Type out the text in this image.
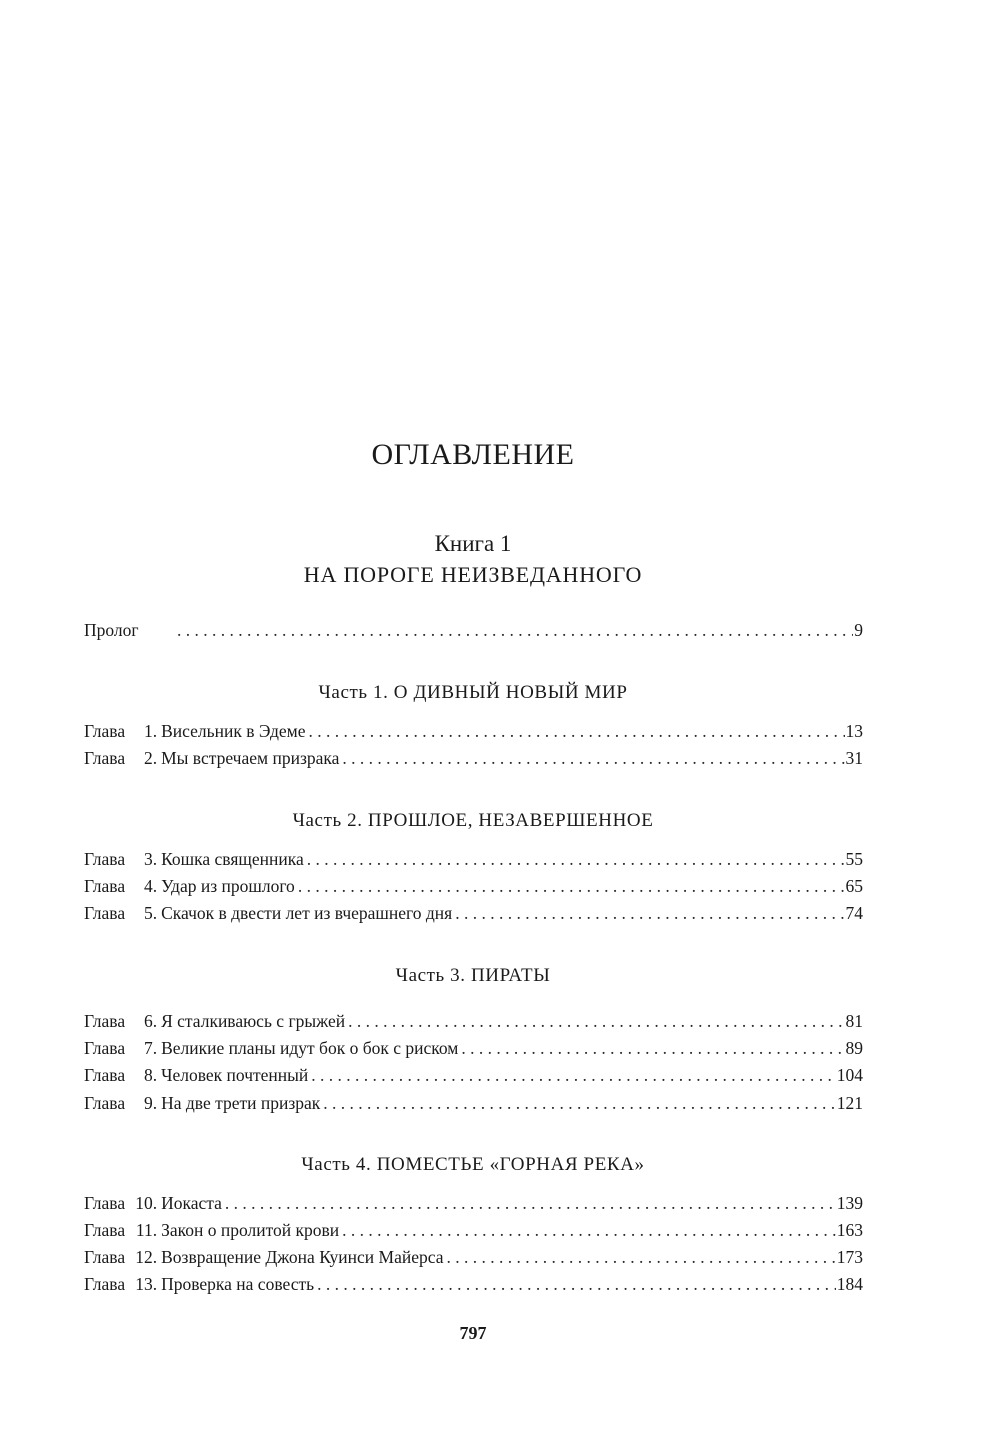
ОГЛАВЛЕНИЕ
Книга 1
НА ПОРОГЕ НЕИЗВЕДАННОГО
Пролог . . .	9
Часть 1. О ДИВНЫЙ НОВЫЙ МИР
Глава	1. Висельник в Эдеме . . .	13
Глава	2. Мы встречаем призрака . . .	31
Часть 2. ПРОШЛОЕ, НЕЗАВЕРШЕННОЕ
Глава	3. Кошка священника . . .	55
Глава	4. Удар из прошлого . . .	65
Глава	5. Скачок в двести лет из вчерашнего дня . . .	74
Часть 3. ПИРАТЫ
Глава	6. Я сталкиваюсь с грыжей . . .	81
Глава	7. Великие планы идут бок о бок с риском . . .	89
Глава	8. Человек почтенный . . .	104
Глава	9. На две трети призрак . . .	121
Часть 4. ПОМЕСТЬЕ «ГОРНАЯ РЕКА»
Глава 10. Иокаста . . .	139
Глава 11. Закон о пролитой крови . . .	163
Глава 12. Возвращение Джона Куинси Майерса . . .	173
Глава 13. Проверка на совесть . . .	184
797
